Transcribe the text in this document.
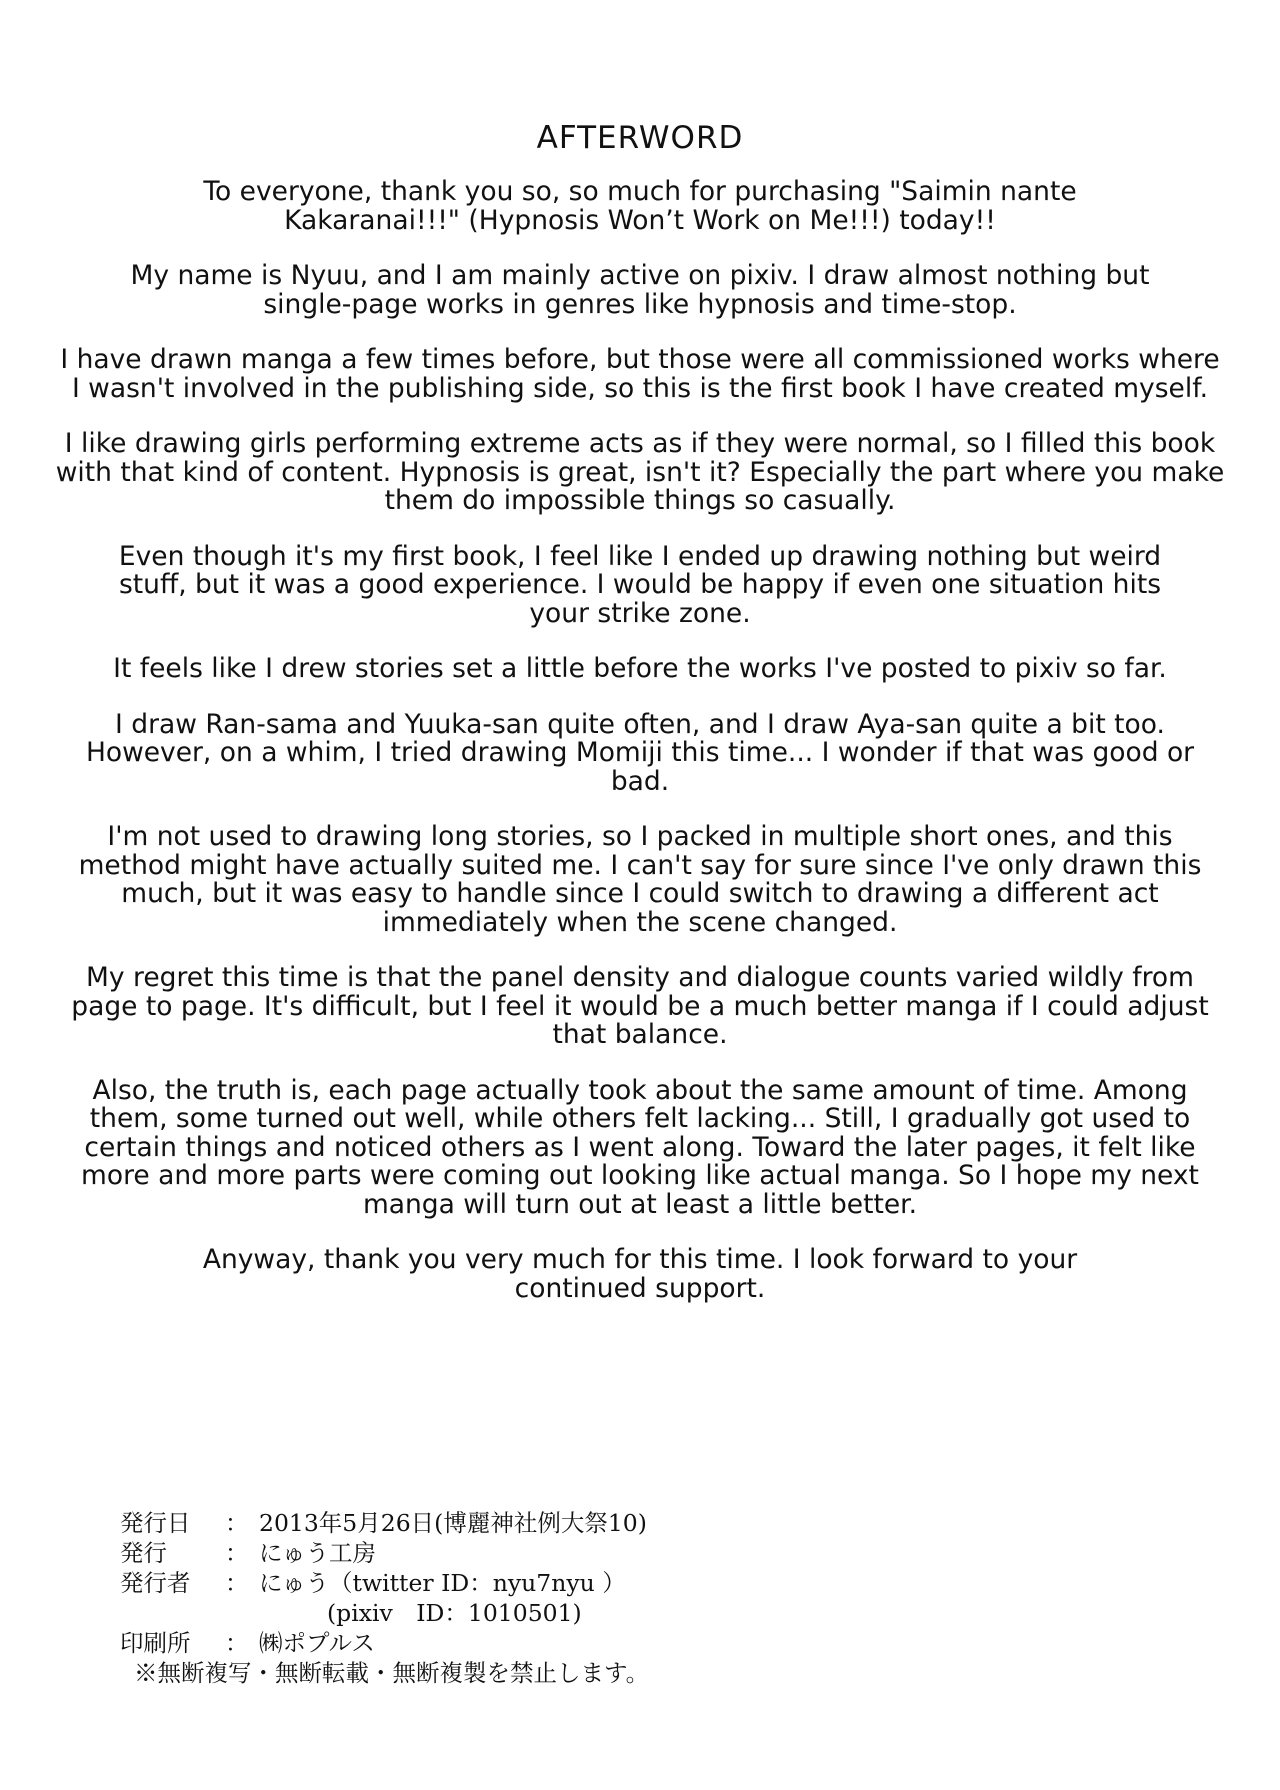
AFTERWORD

To everyone, thank you so, so much for purchasing "Saimin nante Kakaranai!!!" (Hypnosis Won’t Work on Me!!!) today!!

My name is Nyuu, and I am mainly active on pixiv. I draw almost nothing but single-page works in genres like hypnosis and time-stop.

I have drawn manga a few times before, but those were all commissioned works where I wasn't involved in the publishing side, so this is the first book I have created myself.

I like drawing girls performing extreme acts as if they were normal, so I filled this book with that kind of content. Hypnosis is great, isn't it? Especially the part where you make them do impossible things so casually.

Even though it's my first book, I feel like I ended up drawing nothing but weird stuff, but it was a good experience. I would be happy if even one situation hits your strike zone.

It feels like I drew stories set a little before the works I've posted to pixiv so far.

I draw Ran-sama and Yuuka-san quite often, and I draw Aya-san quite a bit too. However, on a whim, I tried drawing Momiji this time... I wonder if that was good or bad.

I'm not used to drawing long stories, so I packed in multiple short ones, and this method might have actually suited me. I can't say for sure since I've only drawn this much, but it was easy to handle since I could switch to drawing a different act immediately when the scene changed.

My regret this time is that the panel density and dialogue counts varied wildly from page to page. It's difficult, but I feel it would be a much better manga if I could adjust that balance.

Also, the truth is, each page actually took about the same amount of time. Among them, some turned out well, while others felt lacking... Still, I gradually got used to certain things and noticed others as I went along. Toward the later pages, it felt like more and more parts were coming out looking like actual manga. So I hope my next manga will turn out at least a little better.

Anyway, thank you very much for this time. I look forward to your continued support.

発行日	： 2013年5月26日(博麗神社例大祭10)
発行	： にゅう工房
発行者	： にゅう（twitter ID：nyu7nyu ）
(pixiv　ID：1010501)
印刷所	： ㈱ポプルス
※無断複写・無断転載・無断複製を禁止します。
